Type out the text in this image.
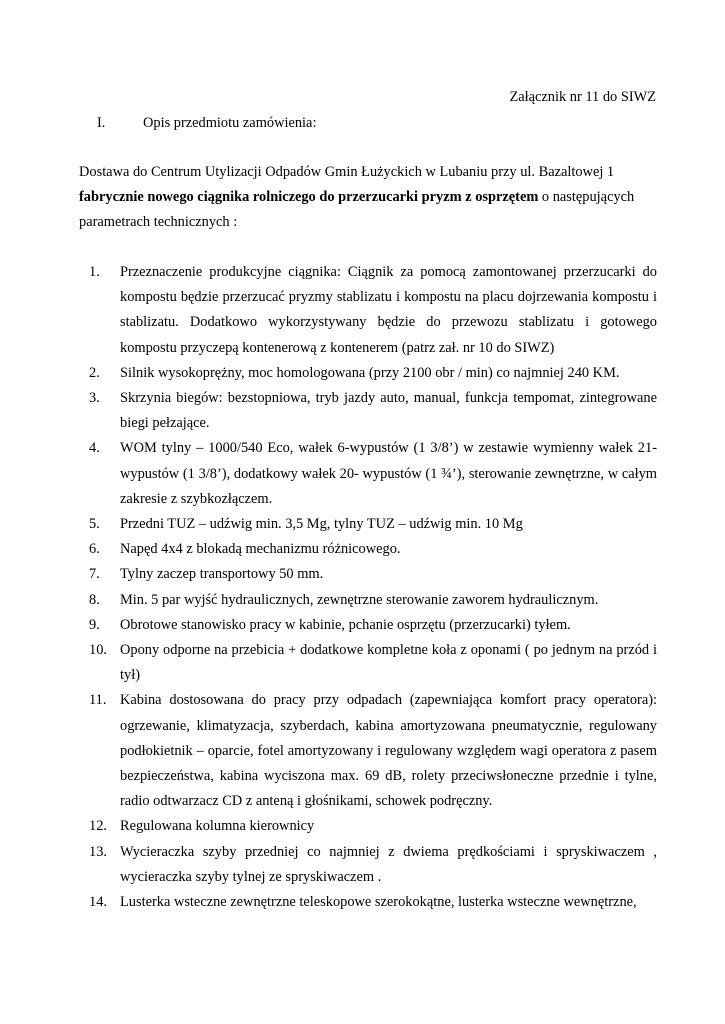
Załącznik nr 11 do SIWZ
I.	Opis przedmiotu zamówienia:

Dostawa do Centrum Utylizacji Odpadów Gmin Łużyckich w Lubaniu przy ul. Bazaltowej 1

fabrycznie nowego ciągnika rolniczego do przerzucarki pryzm z osprzętem o następujących parametrach technicznych :

1.	Przeznaczenie produkcyjne ciągnika: Ciągnik za pomocą zamontowanej przerzucarki do kompostu będzie przerzucać pryzmy stablizatu i kompostu na placu dojrzewania kompostu i stablizatu. Dodatkowo wykorzystywany będzie do przewozu stablizatu i gotowego kompostu przyczepą kontenerową z kontenerem (patrz zał. nr 10 do SIWZ)
2.	Silnik wysokoprężny, moc homologowana (przy 2100 obr / min) co najmniej 240 KM.
3.	Skrzynia biegów: bezstopniowa, tryb jazdy auto, manual, funkcja tempomat, zintegrowane biegi pełzające.
4.	WOM tylny – 1000/540 Eco, wałek 6-wypustów (1 3/8’) w zestawie wymienny wałek 21- wypustów (1 3/8’), dodatkowy wałek 20- wypustów (1 ¾’), sterowanie zewnętrzne, w całym zakresie z szybkozłączem.
5.	Przedni TUZ – udźwig min. 3,5 Mg, tylny TUZ – udźwig min. 10 Mg
6.	Napęd 4x4 z blokadą mechanizmu różnicowego.
7.	Tylny zaczep transportowy 50 mm.
8.	Min. 5 par wyjść hydraulicznych, zewnętrzne sterowanie zaworem hydraulicznym.
9.	Obrotowe stanowisko pracy w kabinie, pchanie osprzętu (przerzucarki) tyłem.
10. Opony odporne na przebicia + dodatkowe kompletne koła z oponami ( po jednym na przód i tył)
11. Kabina dostosowana do pracy przy odpadach (zapewniająca komfort pracy operatora): ogrzewanie, klimatyzacja, szyberdach, kabina amortyzowana pneumatycznie, regulowany podłokietnik – oparcie, fotel amortyzowany i regulowany względem wagi operatora z pasem bezpieczeństwa, kabina wyciszona max. 69 dB, rolety przeciwsłoneczne przednie i tylne, radio odtwarzacz CD z anteną i głośnikami, schowek podręczny.
12. Regulowana kolumna kierownicy
13. Wycieraczka szyby przedniej co najmniej z dwiema prędkościami i spryskiwaczem , wycieraczka szyby tylnej ze spryskiwaczem .
14. Lusterka wsteczne zewnętrzne teleskopowe szerokokątne, lusterka wsteczne wewnętrzne,
